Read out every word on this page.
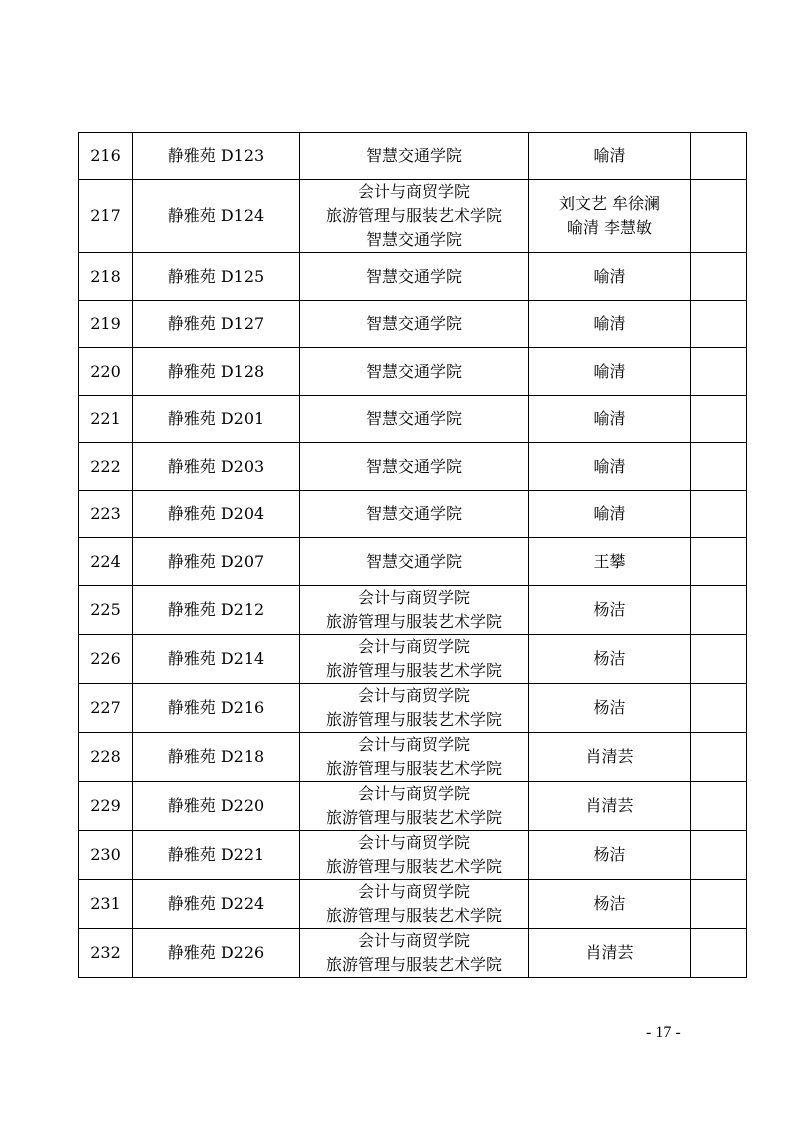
216	静雅苑 D123	智慧交通学院	喻清	

217	静雅苑 D124	会计与商贸学院
旅游管理与服装艺术学院
智慧交通学院	刘文艺 牟徐澜
喻清 李慧敏	

218	静雅苑 D125	智慧交通学院	喻清	

219	静雅苑 D127	智慧交通学院	喻清	

220	静雅苑 D128	智慧交通学院	喻清	

221	静雅苑 D201	智慧交通学院	喻清	

222	静雅苑 D203	智慧交通学院	喻清	

223	静雅苑 D204	智慧交通学院	喻清	

224	静雅苑 D207	智慧交通学院	王攀	

225	静雅苑 D212	会计与商贸学院
旅游管理与服装艺术学院	杨洁	

226	静雅苑 D214	会计与商贸学院
旅游管理与服装艺术学院	杨洁	

227	静雅苑 D216	会计与商贸学院
旅游管理与服装艺术学院	杨洁	

228	静雅苑 D218	会计与商贸学院
旅游管理与服装艺术学院	肖清芸	

229	静雅苑 D220	会计与商贸学院
旅游管理与服装艺术学院	肖清芸	

230	静雅苑 D221	会计与商贸学院
旅游管理与服装艺术学院	杨洁	

231	静雅苑 D224	会计与商贸学院
旅游管理与服装艺术学院	杨洁	

232	静雅苑 D226	会计与商贸学院
旅游管理与服装艺术学院	肖清芸	

- 17 -
